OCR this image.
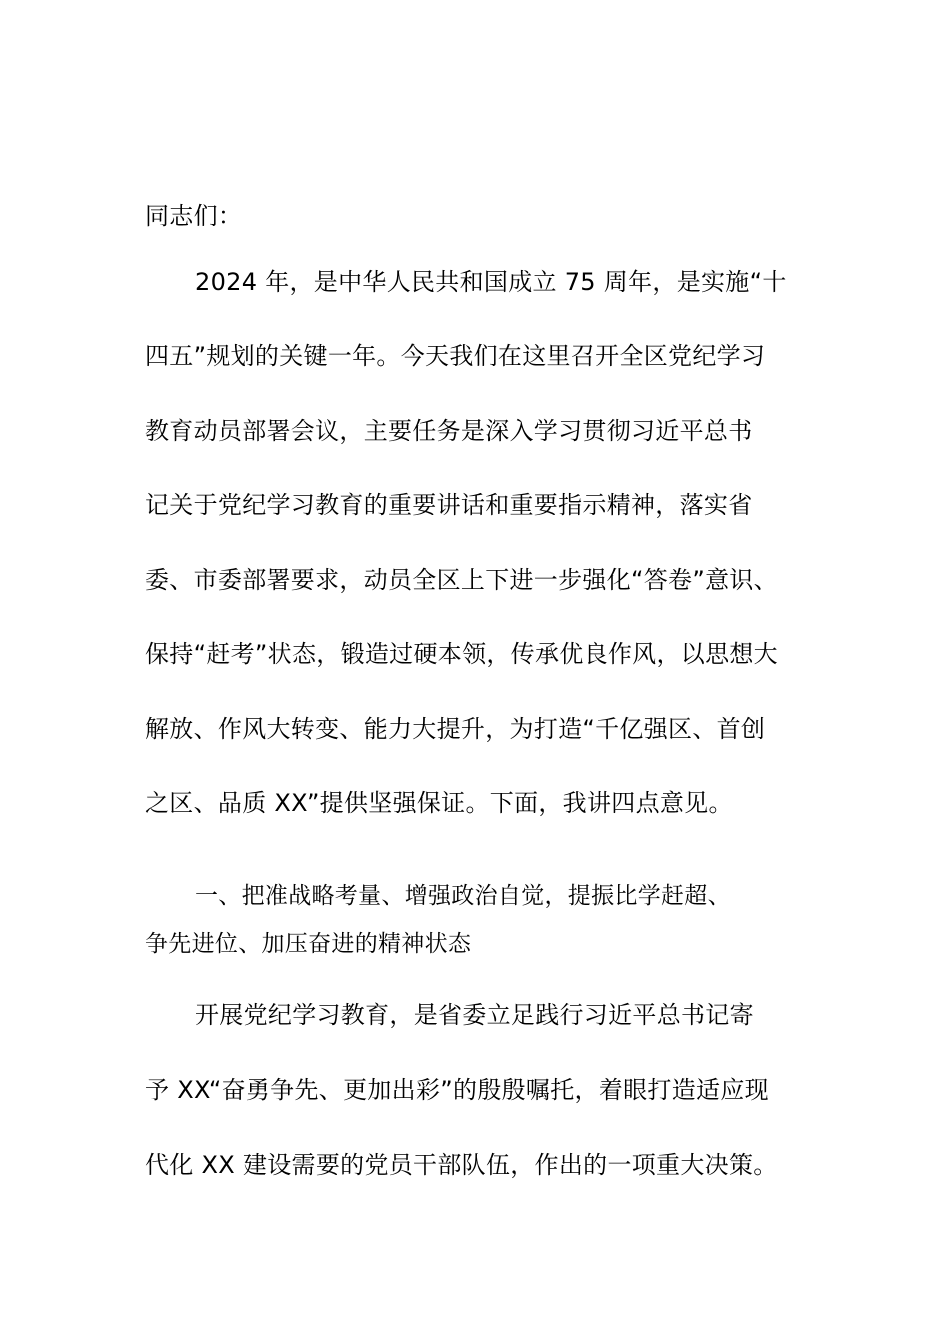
同志们：
2024 年，是中华人民共和国成立 75 周年，是实施“十
四五”规划的关键一年。今天我们在这里召开全区党纪学习
教育动员部署会议，主要任务是深入学习贯彻习近平总书
记关于党纪学习教育的重要讲话和重要指示精神，落实省
委、市委部署要求，动员全区上下进一步强化“答卷”意识、
保持“赶考”状态，锻造过硬本领，传承优良作风，以思想大
解放、作风大转变、能力大提升，为打造“千亿强区、首创
之区、品质 XX”提供坚强保证。下面，我讲四点意见。
一、把准战略考量、增强政治自觉，提振比学赶超、
争先进位、加压奋进的精神状态
开展党纪学习教育，是省委立足践行习近平总书记寄
予 XX“奋勇争先、更加出彩”的殷殷嘱托，着眼打造适应现
代化 XX 建设需要的党员干部队伍，作出的一项重大决策。
